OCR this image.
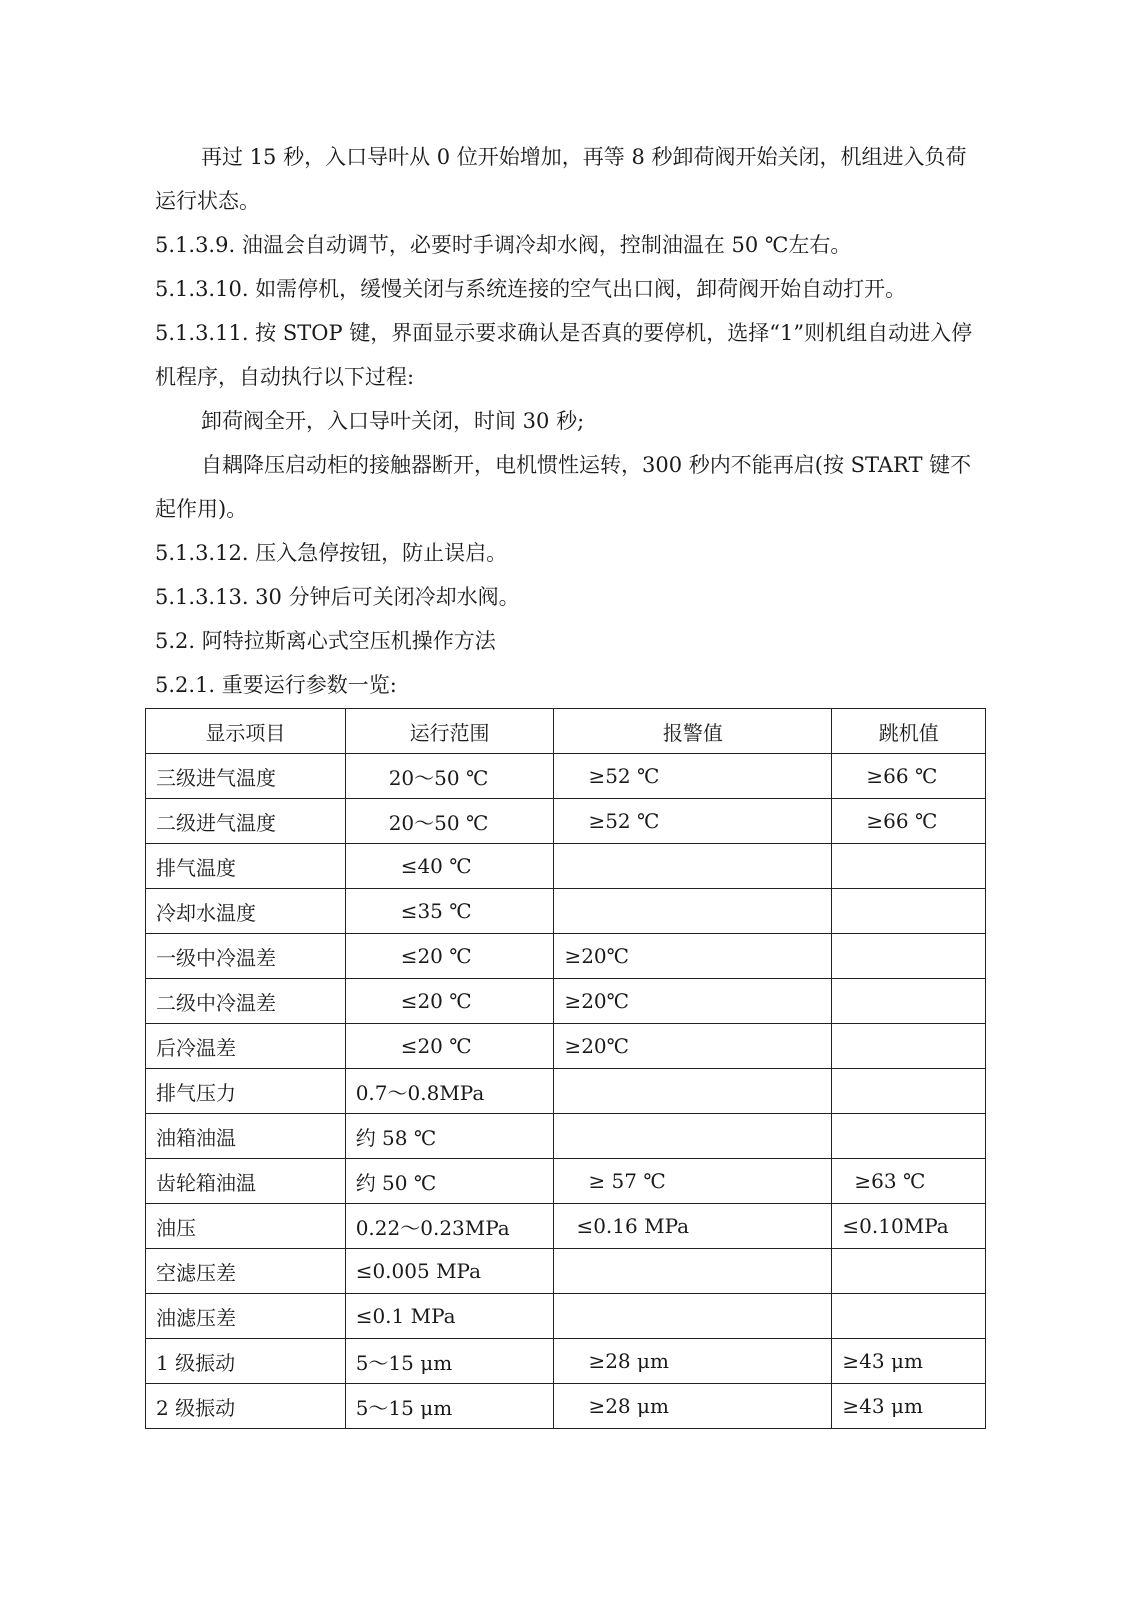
再过 15 秒，入口导叶从 0 位开始增加，再等 8 秒卸荷阀开始关闭，机组进入负荷运行状态。

5.1.3.9. 油温会自动调节，必要时手调冷却水阀，控制油温在 50 ℃左右。

5.1.3.10. 如需停机，缓慢关闭与系统连接的空气出口阀，卸荷阀开始自动打开。

5.1.3.11. 按 STOP 键，界面显示要求确认是否真的要停机，选择“1”则机组自动进入停机程序，自动执行以下过程:

卸荷阀全开，入口导叶关闭，时间 30 秒;

自耦降压启动柜的接触器断开，电机惯性运转，300 秒内不能再启(按 START 键不起作用)。

5.1.3.12. 压入急停按钮，防止误启。

5.1.3.13. 30 分钟后可关闭冷却水阀。

5.2. 阿特拉斯离心式空压机操作方法

5.2.1. 重要运行参数一览:

显示项目	运行范围	报警值	跳机值
三级进气温度	20～50 ℃	≥52 ℃	≥66 ℃
二级进气温度	20～50 ℃	≥52 ℃	≥66 ℃
排气温度	≤40 ℃		
冷却水温度	≤35 ℃		
一级中冷温差	≤20 ℃	≥20℃	
二级中冷温差	≤20 ℃	≥20℃	
后冷温差	≤20 ℃	≥20℃	
排气压力	0.7～0.8MPa		
油箱油温	约 58 ℃		
齿轮箱油温	约 50 ℃	≥ 57 ℃	≥63 ℃
油压	0.22～0.23MPa	≤0.16 MPa	≤0.10MPa
空滤压差	≤0.005 MPa		
油滤压差	≤0.1 MPa		
1 级振动	5～15 μm	≥28 μm	≥43 μm
2 级振动	5～15 μm	≥28 μm	≥43 μm
